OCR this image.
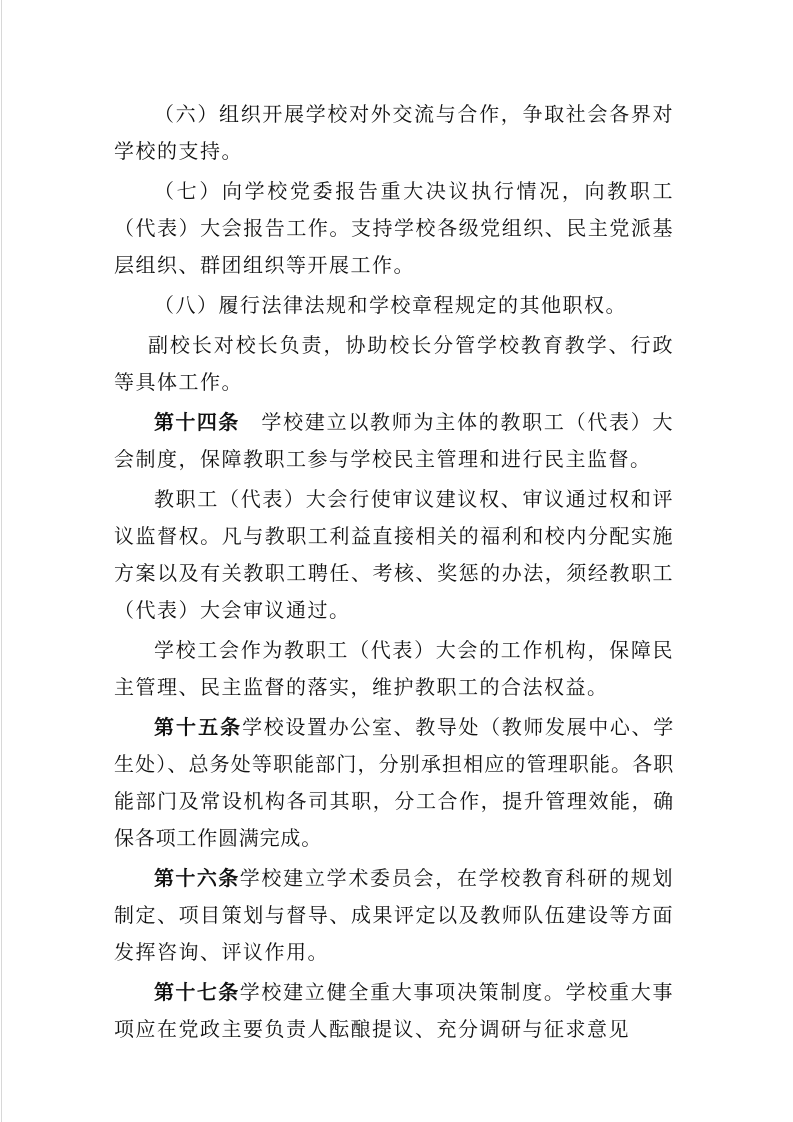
（六）组织开展学校对外交流与合作，争取社会各界对学校的支持。

（七）向学校党委报告重大决议执行情况，向教职工（代表）大会报告工作。支持学校各级党组织、民主党派基层组织、群团组织等开展工作。

（八）履行法律法规和学校章程规定的其他职权。

副校长对校长负责，协助校长分管学校教育教学、行政等具体工作。

第十四条　学校建立以教师为主体的教职工（代表）大会制度，保障教职工参与学校民主管理和进行民主监督。

教职工（代表）大会行使审议建议权、审议通过权和评议监督权。凡与教职工利益直接相关的福利和校内分配实施方案以及有关教职工聘任、考核、奖惩的办法，须经教职工（代表）大会审议通过。

学校工会作为教职工（代表）大会的工作机构，保障民主管理、民主监督的落实，维护教职工的合法权益。

第十五条学校设置办公室、教导处（教师发展中心、学生处）、总务处等职能部门，分别承担相应的管理职能。各职能部门及常设机构各司其职，分工合作，提升管理效能，确保各项工作圆满完成。

第十六条学校建立学术委员会，在学校教育科研的规划制定、项目策划与督导、成果评定以及教师队伍建设等方面发挥咨询、评议作用。

第十七条学校建立健全重大事项决策制度。学校重大事项应在党政主要负责人酝酿提议、充分调研与征求意见
